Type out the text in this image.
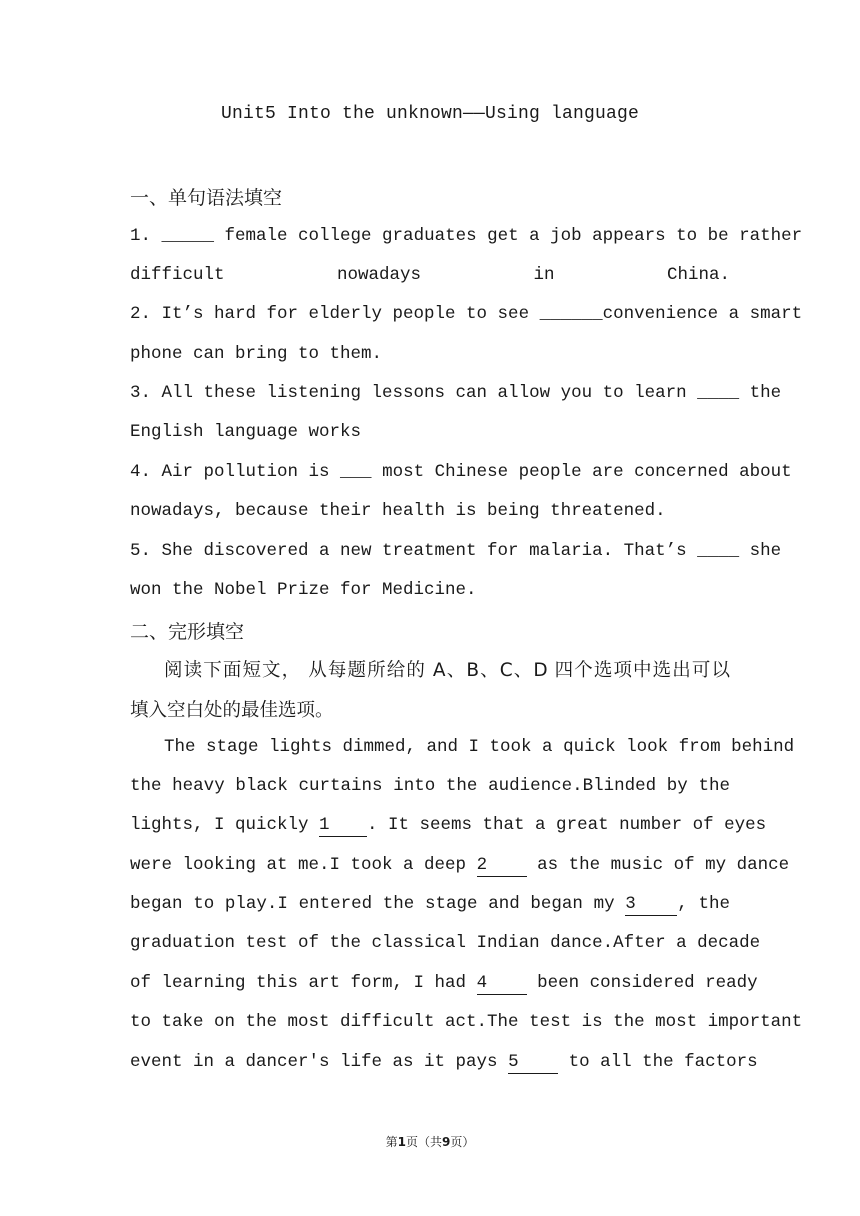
Unit5 Into the unknown——Using language
一、单句语法填空
1. _____ female college graduates get a job appears to be rather
difficult nowadays in China.
2. It’s hard for elderly people to see ______convenience a smart
phone can bring to them.
3. All these listening lessons can allow you to learn ____ the
English language works
4. Air pollution is ___ most Chinese people are concerned about
nowadays, because their health is being threatened.
5. She discovered a new treatment for malaria. That’s ____ she
won the Nobel Prize for Medicine.
二、完形填空
阅读下面短文， 从每题所给的 A、B、C、D 四个选项中选出可以
填入空白处的最佳选项。
The stage lights dimmed, and I took a quick look from behind
the heavy black curtains into the audience.Blinded by the
lights, I quickly 1 . It seems that a great number of eyes
were looking at me.I took a deep 2 as the music of my dance
began to play.I entered the stage and began my 3 , the
graduation test of the classical Indian dance.After a decade
of learning this art form, I had 4 been considered ready
to take on the most difficult act.The test is the most important
event in a dancer's life as it pays 5 to all the factors
第1页（共9页）
